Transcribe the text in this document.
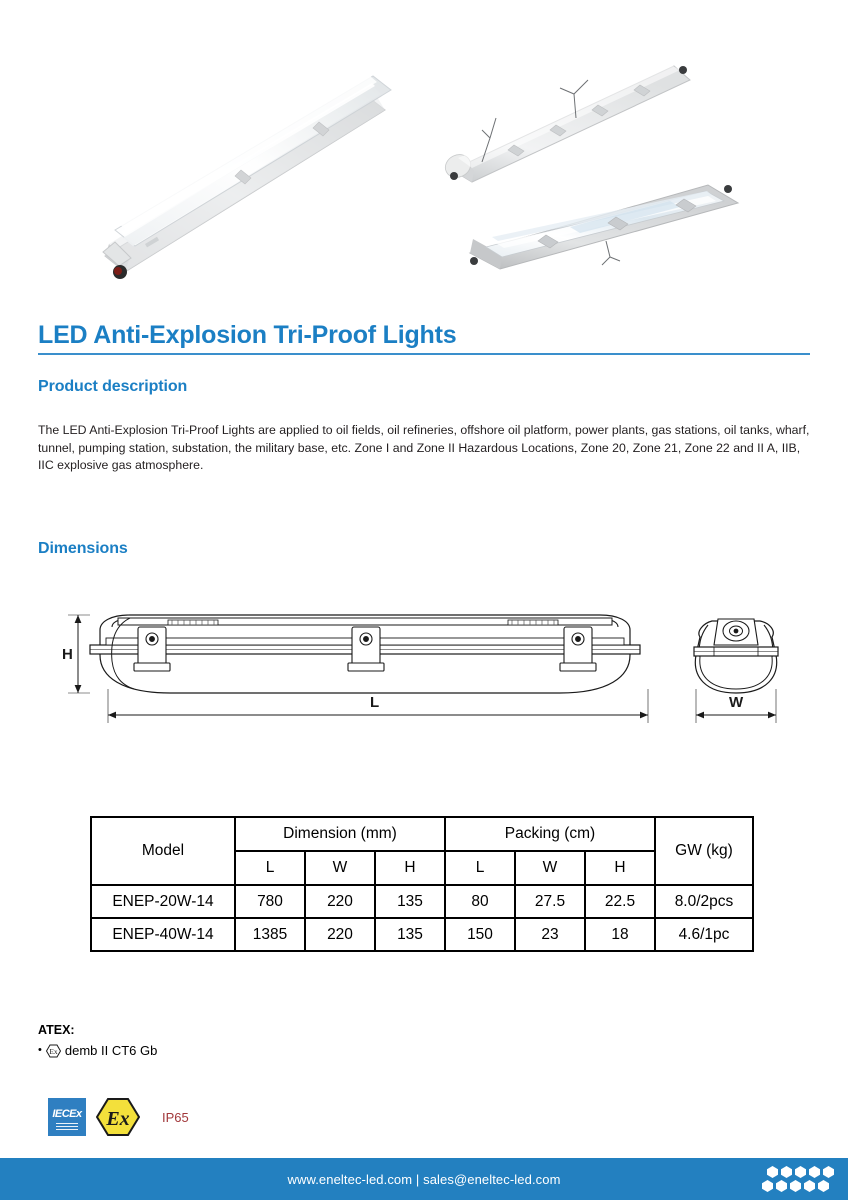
LED Anti-Explosion Tri-Proof Lights
Product description
The LED Anti-Explosion Tri-Proof Lights are applied to oil fields, oil refineries, offshore oil platform, power plants, gas stations, oil tanks, wharf, tunnel, pumping station, substation, the military base, etc. Zone I and Zone II Hazardous Locations, Zone 20, Zone 21, Zone 22 and II A, IIB, IIC explosive gas atmosphere.
Dimensions
H
L	W
Model	Dimension (mm)			Packing (cm)			GW (kg)
	L	W	H	L	W	H	
ENEP-20W-14	780	220	135	80	27.5	22.5	8.0/2pcs
ENEP-40W-14	1385	220	135	150	23	18	4.6/1pc
ATEX:
• Ex demb II CT6 Gb
IECEx Ex IP65
www.eneltec-led.com | sales@eneltec-led.com
